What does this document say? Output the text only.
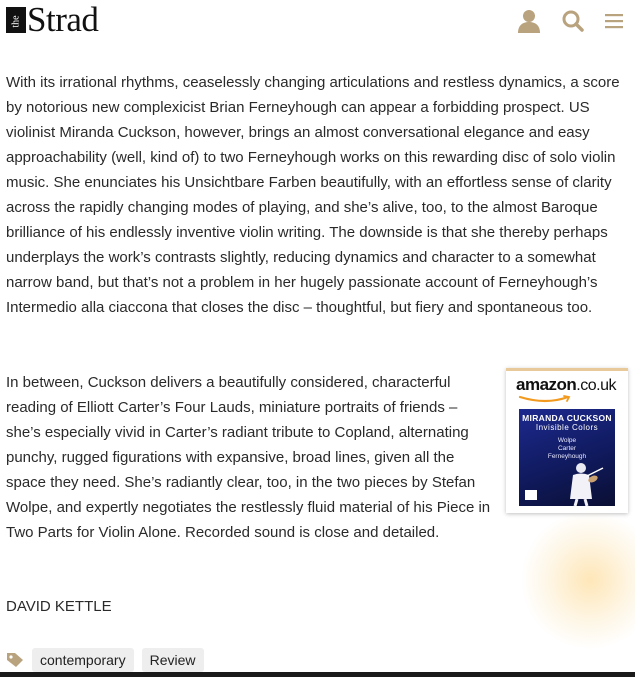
the Strad

With its irrational rhythms, ceaselessly changing articulations and restless dynamics, a score by notorious new complexicist Brian Ferneyhough can appear a forbidding prospect. US violinist Miranda Cuckson, however, brings an almost conversational elegance and easy approachability (well, kind of) to two Ferneyhough works on this rewarding disc of solo violin music. She enunciates his Unsichtbare Farben beautifully, with an effortless sense of clarity across the rapidly changing modes of playing, and she’s alive, too, to the almost Baroque brilliance of his endlessly inventive violin writing. The downside is that she thereby perhaps underplays the work’s contrasts slightly, reducing dynamics and character to a somewhat narrow band, but that’s not a problem in her hugely passionate account of Ferneyhough’s Intermedio alla ciaccona that closes the disc – thoughtful, but fiery and spontaneous too.

amazon.co.uk
MIRANDA CUCKSON
Invisible Colors
Wolpe
Carter
Ferneyhough

In between, Cuckson delivers a beautifully considered, characterful reading of Elliott Carter’s Four Lauds, miniature portraits of friends – she’s especially vivid in Carter’s radiant tribute to Copland, alternating punchy, rugged figurations with expansive, broad lines, given all the space they need. She’s radiantly clear, too, in the two pieces by Stefan Wolpe, and expertly negotiates the restlessly fluid material of his Piece in Two Parts for Violin Alone. Recorded sound is close and detailed.

DAVID KETTLE
contemporary	Review
